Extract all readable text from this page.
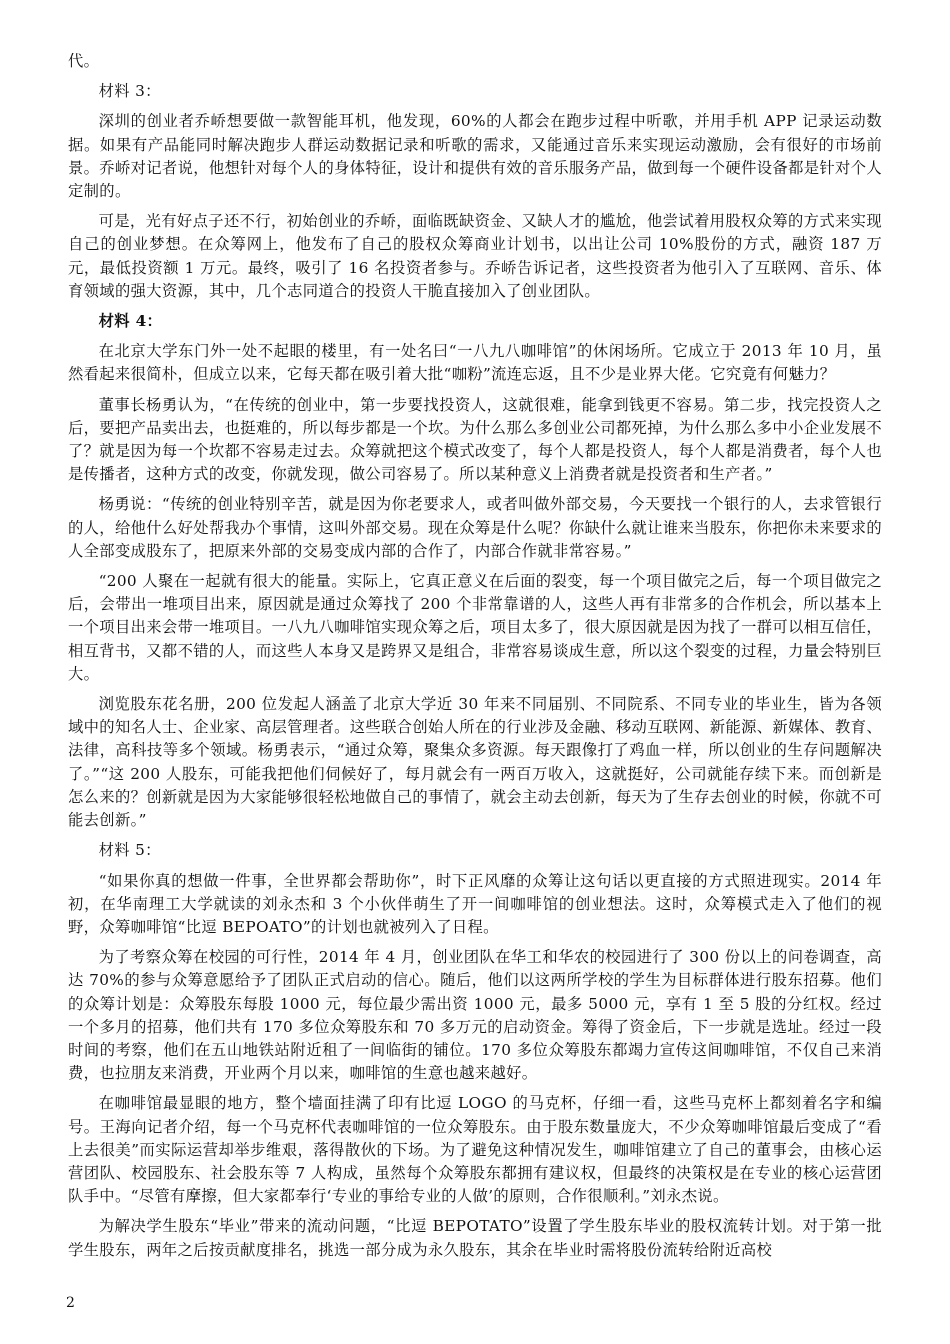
代。

材料 3：

深圳的创业者乔峤想要做一款智能耳机，他发现，60%的人都会在跑步过程中听歌，并用手机 APP 记录运动数据。如果有产品能同时解决跑步人群运动数据记录和听歌的需求，又能通过音乐来实现运动激励，会有很好的市场前景。乔峤对记者说，他想针对每个人的身体特征，设计和提供有效的音乐服务产品，做到每一个硬件设备都是针对个人定制的。

可是，光有好点子还不行，初始创业的乔峤，面临既缺资金、又缺人才的尴尬，他尝试着用股权众筹的方式来实现自己的创业梦想。在众筹网上，他发布了自己的股权众筹商业计划书，以出让公司 10%股份的方式，融资 187 万元，最低投资额 1 万元。最终，吸引了 16 名投资者参与。乔峤告诉记者，这些投资者为他引入了互联网、音乐、体育领域的强大资源，其中，几个志同道合的投资人干脆直接加入了创业团队。

材料 4：

在北京大学东门外一处不起眼的楼里，有一处名曰“一八九八咖啡馆”的休闲场所。它成立于 2013 年 10 月，虽然看起来很简朴，但成立以来，它每天都在吸引着大批“咖粉”流连忘返，且不少是业界大佬。它究竟有何魅力？

董事长杨勇认为，“在传统的创业中，第一步要找投资人，这就很难，能拿到钱更不容易。第二步，找完投资人之后，要把产品卖出去，也挺难的，所以每步都是一个坎。为什么那么多创业公司都死掉，为什么那么多中小企业发展不了？就是因为每一个坎都不容易走过去。众筹就把这个模式改变了，每个人都是投资人，每个人都是消费者，每个人也是传播者，这种方式的改变，你就发现，做公司容易了。所以某种意义上消费者就是投资者和生产者。”

杨勇说：“传统的创业特别辛苦，就是因为你老要求人，或者叫做外部交易，今天要找一个银行的人，去求管银行的人，给他什么好处帮我办个事情，这叫外部交易。现在众筹是什么呢？你缺什么就让谁来当股东，你把你未来要求的人全部变成股东了，把原来外部的交易变成内部的合作了，内部合作就非常容易。”

“200 人聚在一起就有很大的能量。实际上，它真正意义在后面的裂变，每一个项目做完之后，每一个项目做完之后，会带出一堆项目出来，原因就是通过众筹找了 200 个非常靠谱的人，这些人再有非常多的合作机会，所以基本上一个项目出来会带一堆项目。一八九八咖啡馆实现众筹之后，项目太多了，很大原因就是因为找了一群可以相互信任，相互背书，又都不错的人，而这些人本身又是跨界又是组合，非常容易谈成生意，所以这个裂变的过程，力量会特别巨大。

浏览股东花名册，200 位发起人涵盖了北京大学近 30 年来不同届别、不同院系、不同专业的毕业生，皆为各领域中的知名人士、企业家、高层管理者。这些联合创始人所在的行业涉及金融、移动互联网、新能源、新媒体、教育、法律，高科技等多个领域。杨勇表示，“通过众筹，聚集众多资源。每天跟像打了鸡血一样，所以创业的生存问题解决了。”“这 200 人股东，可能我把他们伺候好了，每月就会有一两百万收入，这就挺好，公司就能存续下来。而创新是怎么来的？创新就是因为大家能够很轻松地做自己的事情了，就会主动去创新，每天为了生存去创业的时候，你就不可能去创新。”

材料 5：

“如果你真的想做一件事，全世界都会帮助你”，时下正风靡的众筹让这句话以更直接的方式照进现实。2014 年初，在华南理工大学就读的刘永杰和 3 个小伙伴萌生了开一间咖啡馆的创业想法。这时，众筹模式走入了他们的视野，众筹咖啡馆“比逗 BEPOATO”的计划也就被列入了日程。

为了考察众筹在校园的可行性，2014 年 4 月，创业团队在华工和华农的校园进行了 300 份以上的问卷调查，高达 70%的参与众筹意愿给予了团队正式启动的信心。随后，他们以这两所学校的学生为目标群体进行股东招募。他们的众筹计划是：众筹股东每股 1000 元，每位最少需出资 1000 元，最多 5000 元，享有 1 至 5 股的分红权。经过一个多月的招募，他们共有 170 多位众筹股东和 70 多万元的启动资金。筹得了资金后，下一步就是选址。经过一段时间的考察，他们在五山地铁站附近租了一间临街的铺位。170 多位众筹股东都竭力宣传这间咖啡馆，不仅自己来消费，也拉朋友来消费，开业两个月以来，咖啡馆的生意也越来越好。

在咖啡馆最显眼的地方，整个墙面挂满了印有比逗 LOGO 的马克杯，仔细一看，这些马克杯上都刻着名字和编号。王海向记者介绍，每一个马克杯代表咖啡馆的一位众筹股东。由于股东数量庞大，不少众筹咖啡馆最后变成了“看上去很美”而实际运营却举步维艰，落得散伙的下场。为了避免这种情况发生，咖啡馆建立了自己的董事会，由核心运营团队、校园股东、社会股东等 7 人构成，虽然每个众筹股东都拥有建议权，但最终的决策权是在专业的核心运营团队手中。“尽管有摩擦，但大家都奉行‘专业的事给专业的人做’的原则，合作很顺利。”刘永杰说。

为解决学生股东“毕业”带来的流动问题，“比逗 BEPOTATO”设置了学生股东毕业的股权流转计划。对于第一批学生股东，两年之后按贡献度排名，挑选一部分成为永久股东，其余在毕业时需将股份流转给附近高校

2
